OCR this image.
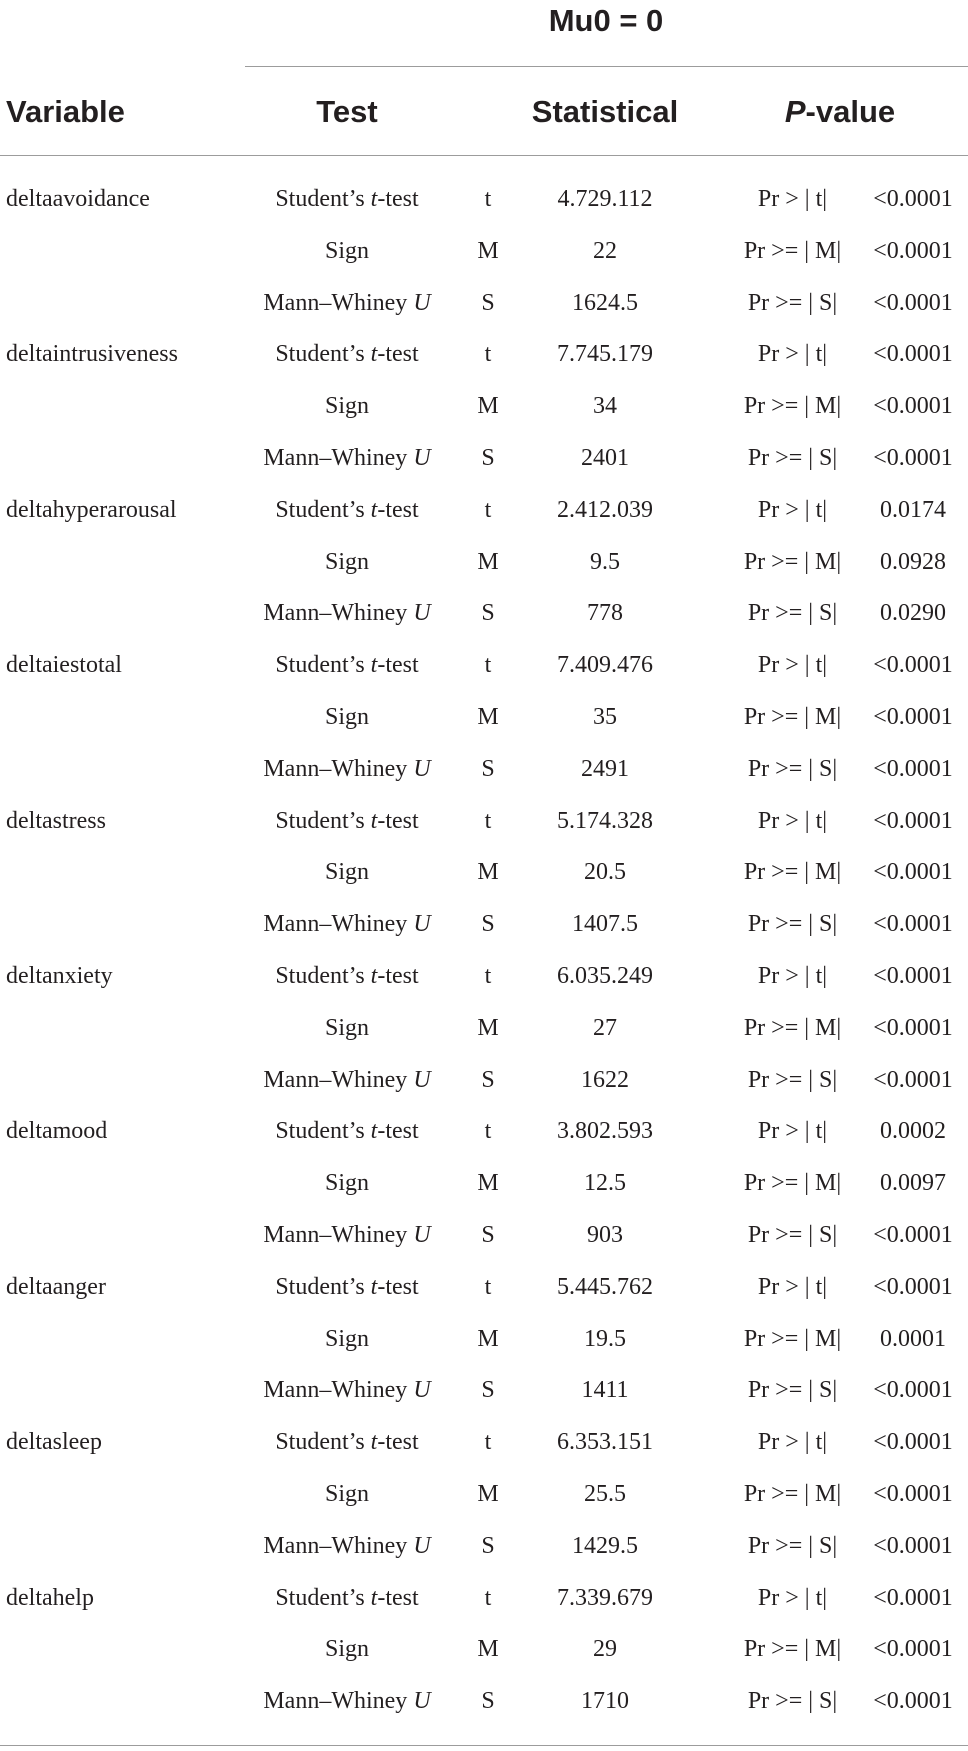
Mu0 = 0
Variable	Test	Statistical	P-value
deltaavoidance	Student’s t-test	t	4.729.112	Pr > | t|	<0.0001
Sign	M	22	Pr >= | M|	<0.0001
Mann–Whiney U	S	1624.5	Pr >= | S|	<0.0001
deltaintrusiveness	Student’s t-test	t	7.745.179	Pr > | t|	<0.0001
Sign	M	34	Pr >= | M|	<0.0001
Mann–Whiney U	S	2401	Pr >= | S|	<0.0001
deltahyperarousal	Student’s t-test	t	2.412.039	Pr > | t|	0.0174
Sign	M	9.5	Pr >= | M|	0.0928
Mann–Whiney U	S	778	Pr >= | S|	0.0290
deltaiestotal	Student’s t-test	t	7.409.476	Pr > | t|	<0.0001
Sign	M	35	Pr >= | M|	<0.0001
Mann–Whiney U	S	2491	Pr >= | S|	<0.0001
deltastress	Student’s t-test	t	5.174.328	Pr > | t|	<0.0001
Sign	M	20.5	Pr >= | M|	<0.0001
Mann–Whiney U	S	1407.5	Pr >= | S|	<0.0001
deltanxiety	Student’s t-test	t	6.035.249	Pr > | t|	<0.0001
Sign	M	27	Pr >= | M|	<0.0001
Mann–Whiney U	S	1622	Pr >= | S|	<0.0001
deltamood	Student’s t-test	t	3.802.593	Pr > | t|	0.0002
Sign	M	12.5	Pr >= | M|	0.0097
Mann–Whiney U	S	903	Pr >= | S|	<0.0001
deltaanger	Student’s t-test	t	5.445.762	Pr > | t|	<0.0001
Sign	M	19.5	Pr >= | M|	0.0001
Mann–Whiney U	S	1411	Pr >= | S|	<0.0001
deltasleep	Student’s t-test	t	6.353.151	Pr > | t|	<0.0001
Sign	M	25.5	Pr >= | M|	<0.0001
Mann–Whiney U	S	1429.5	Pr >= | S|	<0.0001
deltahelp	Student’s t-test	t	7.339.679	Pr > | t|	<0.0001
Sign	M	29	Pr >= | M|	<0.0001
Mann–Whiney U	S	1710	Pr >= | S|	<0.0001
